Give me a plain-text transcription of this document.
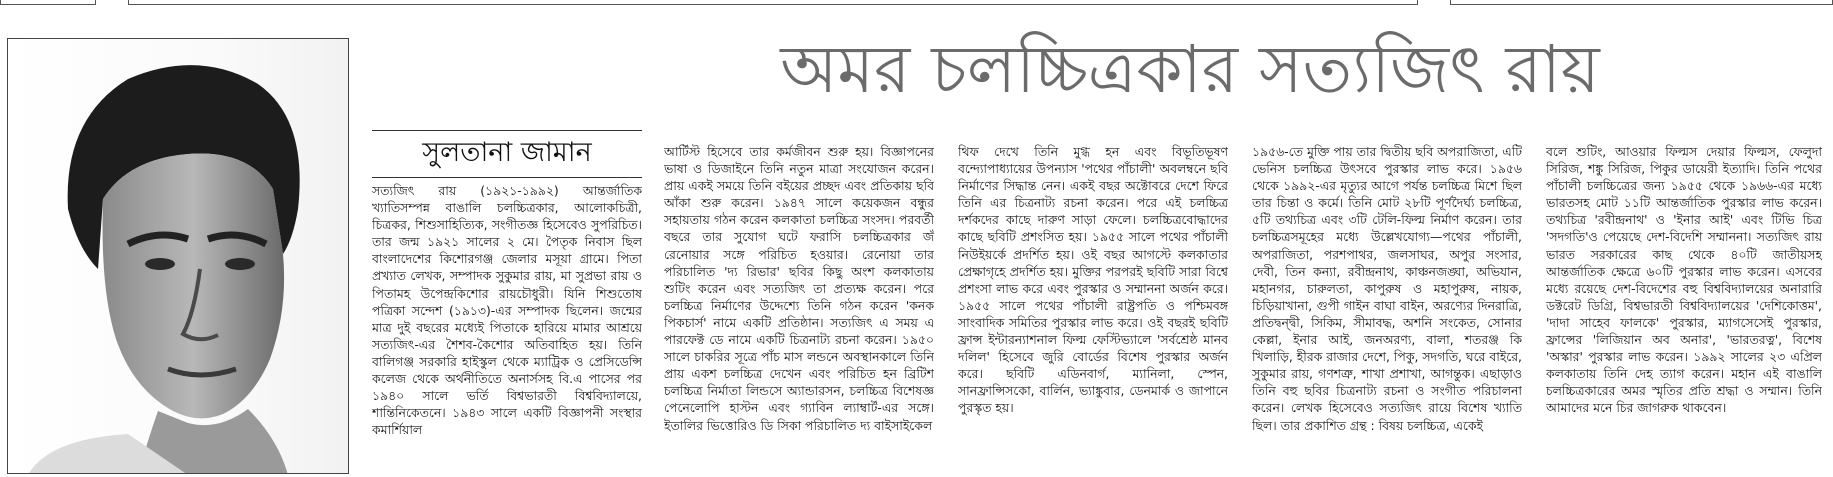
অমর চলচ্চিত্রকার সত্যজিৎ রায়
সুলতানা জামান

সত্যজিৎ রায় (১৯২১-১৯৯২) আন্তর্জাতিক খ্যাতিসম্পন্ন বাঙালি চলচ্চিত্রকার, আলোকচিত্রী, চিত্রকর, শিশুসাহিত্যিক, সংগীতজ্ঞ হিসেবেও সুপরিচিত। তার জন্ম ১৯২১ সালের ২ মে। পৈতৃক নিবাস ছিল বাংলাদেশের কিশোরগঞ্জ জেলার মসূয়া গ্রামে। পিতা প্রখ্যাত লেখক, সম্পাদক সুকুমার রায়, মা সুপ্রভা রায় ও পিতামহ উপেন্দ্রকিশোর রায়চৌধুরী। যিনি শিশুতোষ পত্রিকা সন্দেশ (১৯১৩)-এর সম্পাদক ছিলেন। জন্মের মাত্র দুই বছরের মধ্যেই পিতাকে হারিয়ে মামার আশ্রয়ে সত্যজিৎ-এর শৈশব-কৈশোর অতিবাহিত হয়। তিনি বালিগঞ্জ সরকারি হাইস্কুল থেকে ম্যাট্রিক ও প্রেসিডেন্সি কলেজ থেকে অর্থনীতিতে অনার্সসহ বি.এ পাসের পর ১৯৪০ সালে ভর্তি বিশ্বভারতী বিশ্ববিদ্যালয়ে, শান্তিনিকেতনে। ১৯৪৩ সালে একটি বিজ্ঞাপনী সংস্থার কমার্শিয়াল

আর্টিস্ট হিসেবে তার কর্মজীবন শুরু হয়। বিজ্ঞাপনের ভাষা ও ডিজাইনে তিনি নতুন মাত্রা সংযোজন করেন। প্রায় একই সময়ে তিনি বইয়ের প্রচ্ছদ এবং প্রতিকায় ছবি আঁকা শুরু করেন। ১৯৪৭ সালে কয়েকজন বন্ধুর সহায়তায় গঠন করেন কলকাতা চলচ্চিত্র সংসদ। পরবর্তী বছরে তার সুযোগ ঘটে ফরাসি চলচ্চিত্রকার জঁ রেনোয়ার সঙ্গে পরিচিত হওয়ার। রেনোয়া তার পরিচালিত 'দ্য রিভার' ছবির কিছু অংশ কলকাতায় শুটিং করেন এবং সত্যজিৎ তা প্রত্যক্ষ করেন। পরে চলচ্চিত্র নির্মাণের উদ্দেশ্যে তিনি গঠন করেন 'কনক পিকচার্স' নামে একটি প্রতিষ্ঠান। সত্যজিৎ এ সময় এ পারফেক্ট ডে নামে একটি চিত্রনাট্য রচনা করেন। ১৯৫০ সালে চাকরির সূত্রে পাঁচ মাস লন্ডনে অবস্থানকালে তিনি প্রায় একশ চলচ্চিত্র দেখেন এবং পরিচিত হন ব্রিটিশ চলচ্চিত্র নির্মাতা লিন্ডসে অ্যান্ডারসন, চলচ্চিত্র বিশেষজ্ঞ পেনেলোপি হাস্টন এবং গ্যাবিন ল্যাম্বার্ট-এর সঙ্গে। ইতালির ভিত্তোরিও ডি সিকা পরিচালিত দ্য বাইসাইকেল

থিফ দেখে তিনি মুগ্ধ হন এবং বিভূতিভূষণ বন্দ্যোপাধ্যায়ের উপন্যাস 'পথের পাঁচালী' অবলম্বনে ছবি নির্মাণের সিদ্ধান্ত নেন। একই বছর অক্টোবরে দেশে ফিরে তিনি এর চিত্রনাট্য রচনা করেন। পরে এই চলচ্চিত্র দর্শকদের কাছে দারুণ সাড়া ফেলে। চলচ্চিত্রবোদ্ধাদের কাছে ছবিটি প্রশংসিত হয়। ১৯৫৫ সালে পথের পাঁচালী নিউইয়র্কে প্রদর্শিত হয়। ওই বছর আগস্টে কলকাতার প্রেক্ষাগৃহে প্রদর্শিত হয়। মুক্তির পরপরই ছবিটি সারা বিশ্বে প্রশংসা লাভ করে এবং পুরস্কার ও সম্মাননা অর্জন করে। ১৯৫৫ সালে পথের পাঁচালী রাষ্ট্রপতি ও পশ্চিমবঙ্গ সাংবাদিক সমিতির পুরস্কার লাভ করে। ওই বছরই ছবিটি ফ্রান্স ইন্টারন্যাশনাল ফিল্ম ফেস্টিভ্যালে 'সর্বশ্রেষ্ঠ মানব দলিল' হিসেবে জুরি বোর্ডের বিশেষ পুরস্কার অর্জন করে। ছবিটি এডিনবার্গ, ম্যানিলা, স্পেন, সানফ্রান্সিসকো, বার্লিন, ভ্যাঙ্কুবার, ডেনমার্ক ও জাপানে পুরস্কৃত হয়।

১৯৫৬-তে মুক্তি পায় তার দ্বিতীয় ছবি অপরাজিতা, এটি ভেনিস চলচ্চিত্র উৎসবে পুরস্কার লাভ করে। ১৯৫৬ থেকে ১৯৯২-এর মৃত্যুর আগে পর্যন্ত চলচ্চিত্র মিশে ছিল তার চিন্তা ও কর্মে। তিনি মোট ২৮টি পূর্ণদৈর্ঘ্য চলচ্চিত্র, ৫টি তথ্যচিত্র এবং ৩টি টেলি-ফিল্ম নির্মাণ করেন। তার চলচ্চিত্রসমূহের মধ্যে উল্লেখযোগ্য—পথের পাঁচালী, অপরাজিতা, পরশপাথর, জলসাঘর, অপুর সংসার, দেবী, তিন কন্যা, রবীন্দ্রনাথ, কাঞ্চনজঙ্ঘা, অভিযান, মহানগর, চারুলতা, কাপুরুষ ও মহাপুরুষ, নায়ক, চিড়িয়াখানা, গুপী গাইন বাঘা বাইন, অরণ্যের দিনরাত্রি, প্রতিদ্বন্দ্বী, সিকিম, সীমাবদ্ধ, অশনি সংকেত, সোনার কেল্লা, ইনার আই, জনঅরণ্য, বালা, শতরঞ্জ কি খিলাড়ি, হীরক রাজার দেশে, পিকু, সদগতি, ঘরে বাইরে, সুকুমার রায়, গণশত্রু, শাখা প্রশাখা, আগন্তুক। এছাড়াও তিনি বহু ছবির চিত্রনাট্য রচনা ও সংগীত পরিচালনা করেন। লেখক হিসেবেও সত্যজিৎ রায়ে বিশেষ খ্যাতি ছিল। তার প্রকাশিত গ্রন্থ : বিষয় চলচ্চিত্র, একেই

বলে শুটিং, আওয়ার ফিল্মস দেয়ার ফিল্মস, ফেলুদা সিরিজ, শঙ্কু সিরিজ, পিকুর ডায়েরী ইত্যাদি। তিনি পথের পাঁচালী চলচ্চিত্রের জন্য ১৯৫৫ থেকে ১৯৬৬-এর মধ্যে ভারতসহ মোট ১১টি আন্তর্জাতিক পুরস্কার লাভ করেন। তথ্যচিত্র 'রবীন্দ্রনাথ' ও 'ইনার আই' এবং টিভি চিত্র 'সদগতি'ও পেয়েছে দেশ-বিদেশি সম্মাননা। সত্যজিৎ রায় ভারত সরকারের কাছ থেকে ৪০টি জাতীয়সহ আন্তর্জাতিক ক্ষেত্রে ৬০টি পুরস্কার লাভ করেন। এসবের মধ্যে রয়েছে দেশ-বিদেশের বহু বিশ্ববিদ্যালয়ের অনারারি ডক্টরেট ডিগ্রি, বিশ্বভারতী বিশ্ববিদ্যালয়ের 'দেশিকোত্তম', 'দাদা সাহেব ফালকে' পুরস্কার, ম্যাগসেসেই পুরস্কার, ফ্রান্সের 'লিজিয়ান অব অনার', 'ভারতরত্ন', বিশেষ 'অস্কার' পুরস্কার লাভ করেন। ১৯৯২ সালের ২৩ এপ্রিল কলকাতায় তিনি দেহ ত্যাগ করেন। মহান এই বাঙালি চলচ্চিত্রকারের অমর স্মৃতির প্রতি শ্রদ্ধা ও সম্মান। তিনি আমাদের মনে চির জাগরুক থাকবেন।
